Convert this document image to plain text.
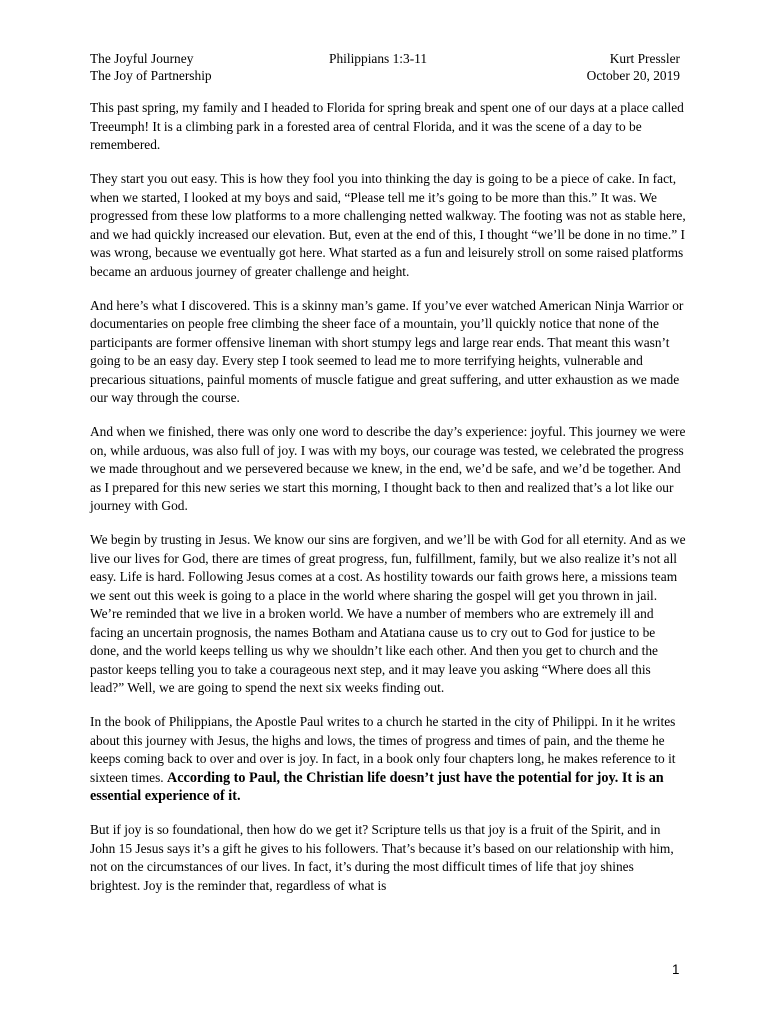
The Joyful Journey
The Joy of Partnership
Philippians 1:3-11	Kurt Pressler
October 20, 2019

This past spring, my family and I headed to Florida for spring break and spent one of our days at a place called Treeumph! It is a climbing park in a forested area of central Florida, and it was the scene of a day to be remembered.

They start you out easy. This is how they fool you into thinking the day is going to be a piece of cake. In fact, when we started, I looked at my boys and said, “Please tell me it’s going to be more than this.” It was. We progressed from these low platforms to a more challenging netted walkway. The footing was not as stable here, and we had quickly increased our elevation. But, even at the end of this, I thought “we’ll be done in no time.” I was wrong, because we eventually got here. What started as a fun and leisurely stroll on some raised platforms became an arduous journey of greater challenge and height.

And here’s what I discovered. This is a skinny man’s game. If you’ve ever watched American Ninja Warrior or documentaries on people free climbing the sheer face of a mountain, you’ll quickly notice that none of the participants are former offensive lineman with short stumpy legs and large rear ends. That meant this wasn’t going to be an easy day. Every step I took seemed to lead me to more terrifying heights, vulnerable and precarious situations, painful moments of muscle fatigue and great suffering, and utter exhaustion as we made our way through the course.

And when we finished, there was only one word to describe the day’s experience: joyful. This journey we were on, while arduous, was also full of joy. I was with my boys, our courage was tested, we celebrated the progress we made throughout and we persevered because we knew, in the end, we’d be safe, and we’d be together. And as I prepared for this new series we start this morning, I thought back to then and realized that’s a lot like our journey with God.

We begin by trusting in Jesus. We know our sins are forgiven, and we’ll be with God for all eternity. And as we live our lives for God, there are times of great progress, fun, fulfillment, family, but we also realize it’s not all easy. Life is hard. Following Jesus comes at a cost. As hostility towards our faith grows here, a missions team we sent out this week is going to a place in the world where sharing the gospel will get you thrown in jail. We’re reminded that we live in a broken world. We have a number of members who are extremely ill and facing an uncertain prognosis, the names Botham and Atatiana cause us to cry out to God for justice to be done, and the world keeps telling us why we shouldn’t like each other. And then you get to church and the pastor keeps telling you to take a courageous next step, and it may leave you asking “Where does all this lead?” Well, we are going to spend the next six weeks finding out.

In the book of Philippians, the Apostle Paul writes to a church he started in the city of Philippi. In it he writes about this journey with Jesus, the highs and lows, the times of progress and times of pain, and the theme he keeps coming back to over and over is joy. In fact, in a book only four chapters long, he makes reference to it sixteen times. According to Paul, the Christian life doesn’t just have the potential for joy. It is an essential experience of it.

But if joy is so foundational, then how do we get it? Scripture tells us that joy is a fruit of the Spirit, and in John 15 Jesus says it’s a gift he gives to his followers. That’s because it’s based on our relationship with him, not on the circumstances of our lives. In fact, it’s during the most difficult times of life that joy shines brightest. Joy is the reminder that, regardless of what is

1
